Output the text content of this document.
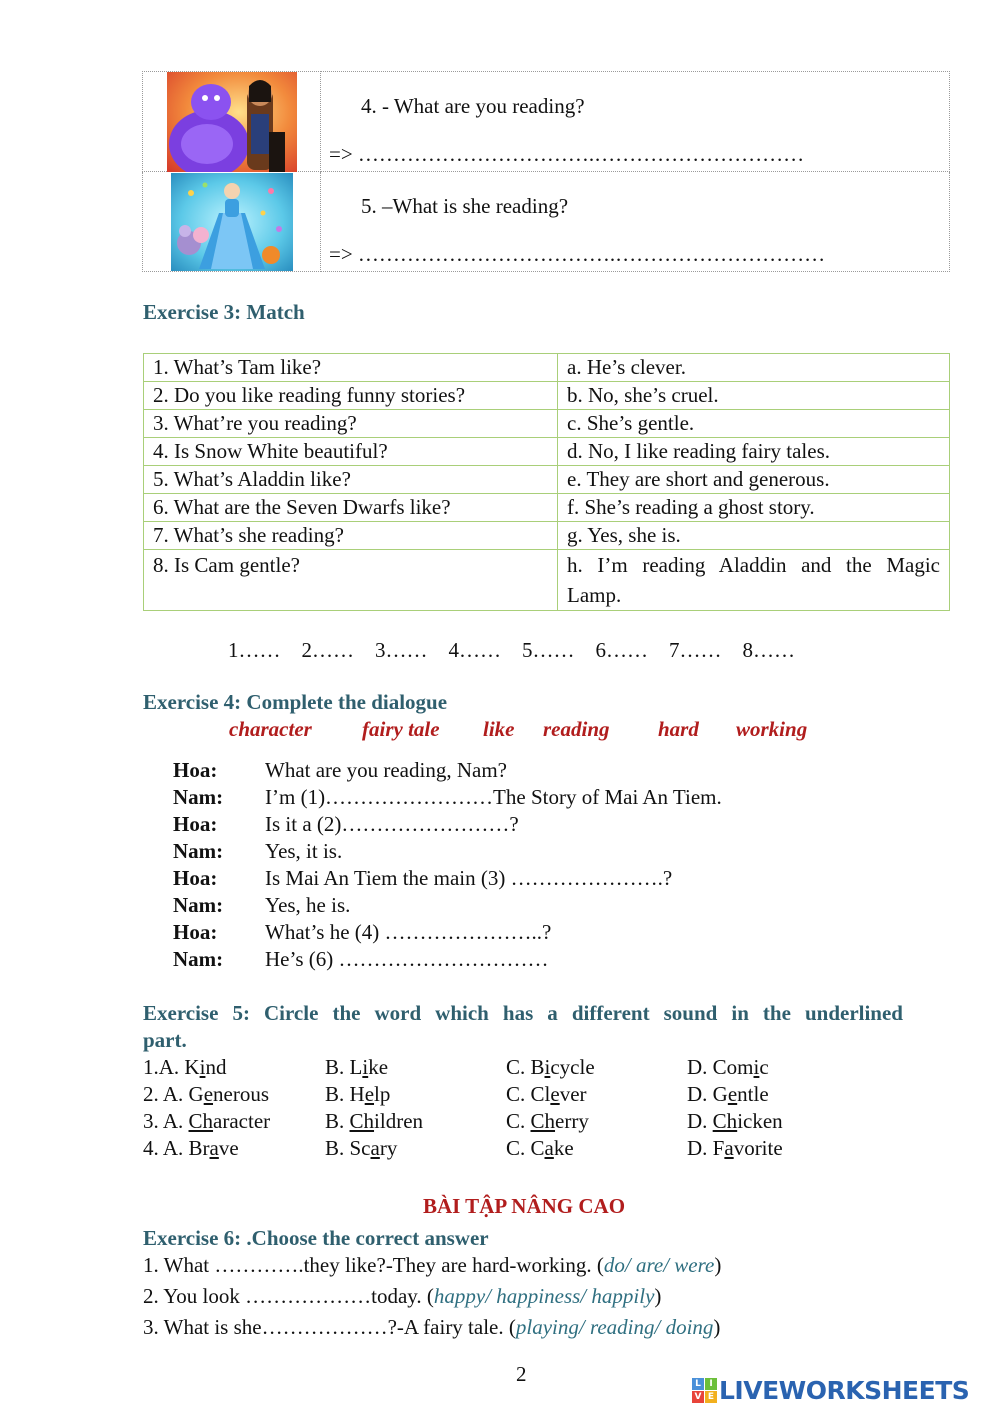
4. - What are you reading?
=> …………………………….…………………………

5. –What is she reading?
=> ……………………………….…………………………
Exercise 3: Match
1. What’s Tam like?	a. He’s clever.
2. Do you like reading funny stories?	b. No, she’s cruel.
3. What’re you reading?	c. She’s gentle.
4. Is Snow White beautiful?	d. No, I like reading fairy tales.
5. What’s Aladdin like?	e. They are short and generous.
6. What are the Seven Dwarfs like?	f. She’s reading a ghost story.
7. What’s she reading?	g. Yes, she is.
8. Is Cam gentle?	h. I’m reading Aladdin and the Magic Lamp.
1…… 2…… 3…… 4…… 5…… 6…… 7…… 8……
Exercise 4: Complete the dialogue
character fairy tale like reading hard working
Hoa: What are you reading, Nam?
Nam: I’m (1)……………………The Story of Mai An Tiem.
Hoa: Is it a (2)……………………?
Nam: Yes, it is.
Hoa: Is Mai An Tiem the main (3) ………………….?
Nam: Yes, he is.
Hoa: What’s he (4) …………………..?
Nam: He’s (6) …………………………
Exercise 5: Circle the word which has a different sound in the underlined
part.
1.A. Kind	B. Like	C. Bicycle	D. Comic
2. A. Generous	B. Help	C. Clever	D. Gentle
3. A. Character	B. Children	C. Cherry	D. Chicken
4. A. Brave	B. Scary	C. Cake	D. Favorite
BÀI TẬP NÂNG CAO
Exercise 6: .Choose the correct answer
1. What ………….they like?-They are hard-working. (do/ are/ were)
2. You look ………………today. (happy/ happiness/ happily)
3. What is she………………?-A fairy tale. (playing/ reading/ doing)
2	L I
V E LIVEWORKSHEETS
